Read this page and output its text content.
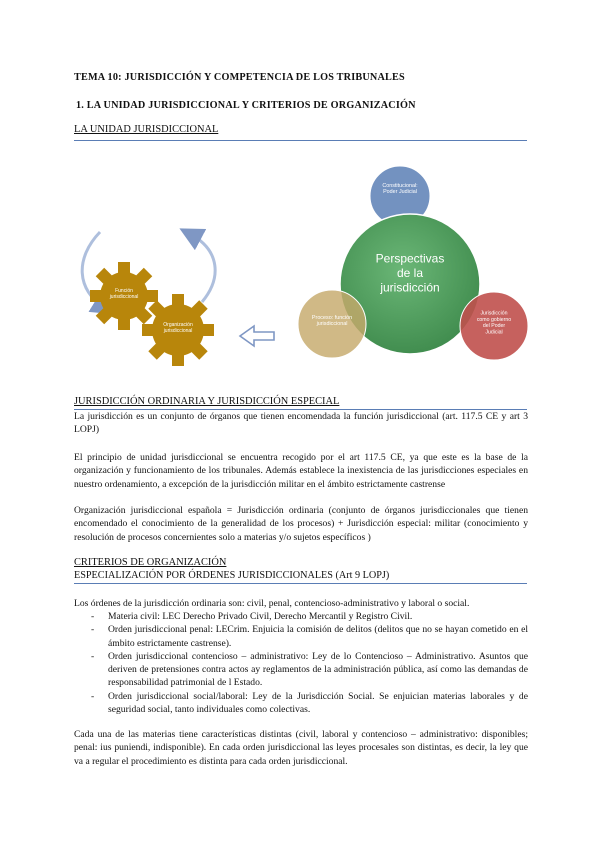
TEMA 10: JURISDICCIÓN Y COMPETENCIA DE LOS TRIBUNALES
1. LA UNIDAD JURISDICCIONAL Y CRITERIOS DE ORGANIZACIÓN
LA UNIDAD JURISDICCIONAL
Función jurisdiccional
Organización jurisdiccional
Constitucional: Poder Judicial
Perspectivas de la jurisdicción
Proceso: función jurisdiccional
Jurisdicción como gobierno del Poder Judicial
JURISDICCIÓN ORDINARIA Y JURISDICCIÓN ESPECIAL
La jurisdicción es un conjunto de órganos que tienen encomendada la función jurisdiccional (art. 117.5 CE y art 3 LOPJ)
El principio de unidad jurisdiccional se encuentra recogido por el art 117.5 CE, ya que este es la base de la organización y funcionamiento de los tribunales. Además establece la inexistencia de las jurisdicciones especiales en nuestro ordenamiento, a excepción de la jurisdicción militar en el ámbito estrictamente castrense
Organización jurisdiccional española = Jurisdicción ordinaria (conjunto de órganos jurisdiccionales que tienen encomendado el conocimiento de la generalidad de los procesos) + Jurisdicción especial: militar (conocimiento y resolución de procesos concernientes solo a materias y/o sujetos específicos )
CRITERIOS DE ORGANIZACIÓN
ESPECIALIZACIÓN POR ÓRDENES JURISDICCIONALES (Art 9 LOPJ)
Los órdenes de la jurisdicción ordinaria son: civil, penal, contencioso-administrativo y laboral o social.
- Materia civil: LEC Derecho Privado Civil, Derecho Mercantil y Registro Civil.
- Orden jurisdiccional penal: LECrim. Enjuicia la comisión de delitos (delitos que no se hayan cometido en el ámbito estrictamente castrense).
- Orden jurisdiccional contencioso – administrativo: Ley de lo Contencioso – Administrativo. Asuntos que deriven de pretensiones contra actos ay reglamentos de la administración pública, así como las demandas de responsabilidad patrimonial de l Estado.
- Orden jurisdiccional social/laboral: Ley de la Jurisdicción Social. Se enjuician materias laborales y de seguridad social, tanto individuales como colectivas.
Cada una de las materias tiene características distintas (civil, laboral y contencioso – administrativo: disponibles; penal: ius puniendi, indisponible). En cada orden jurisdiccional las leyes procesales son distintas, es decir, la ley que va a regular el procedimiento es distinta para cada orden jurisdiccional.
